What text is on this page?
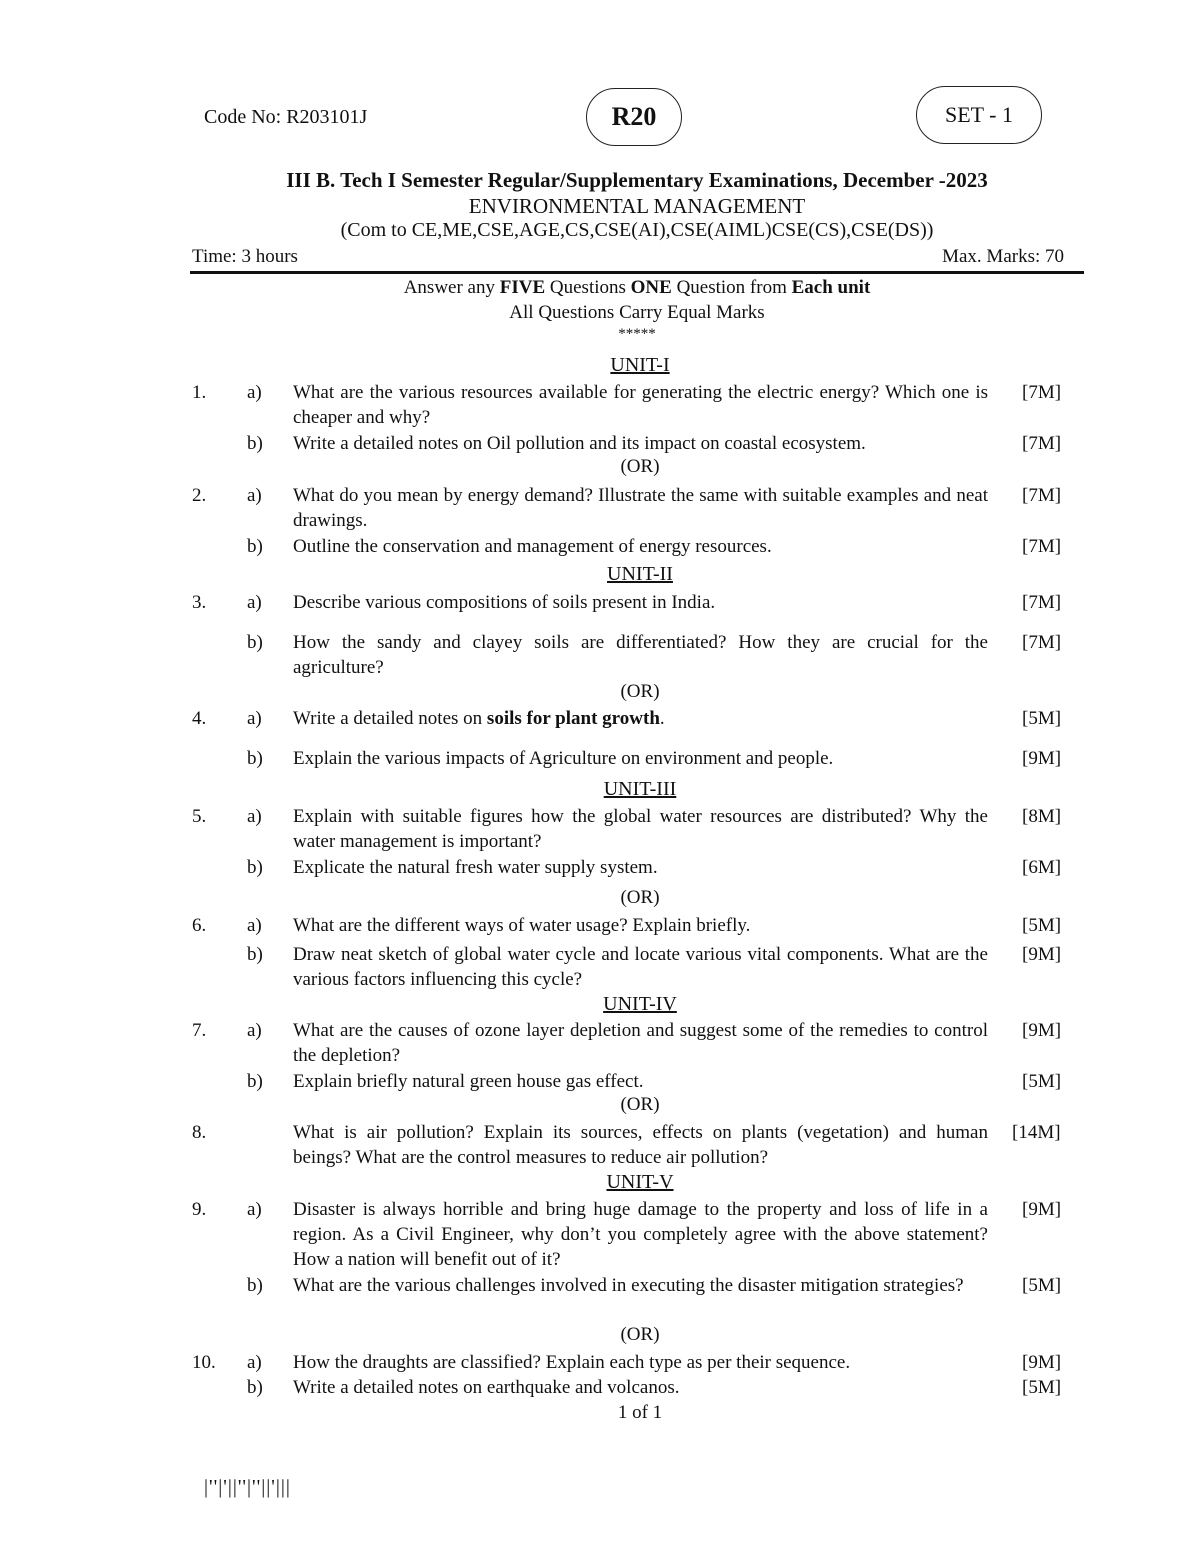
Code No: R203101J	R20	SET - 1
III B. Tech I Semester Regular/Supplementary Examinations, December -2023
ENVIRONMENTAL MANAGEMENT
(Com to CE,ME,CSE,AGE,CS,CSE(AI),CSE(AIML)CSE(CS),CSE(DS))
Time: 3 hours	Max. Marks: 70
Answer any FIVE Questions ONE Question from Each unit
All Questions Carry Equal Marks
*****
UNIT-I
1. a) What are the various resources available for generating the electric energy? Which one is cheaper and why?
[7M]
b) Write a detailed notes on Oil pollution and its impact on coastal ecosystem.	[7M]
(OR)
2. a) What do you mean by energy demand? Illustrate the same with suitable examples and neat drawings.
[7M]
b) Outline the conservation and management of energy resources.	[7M]
UNIT-II
3. a) Describe various compositions of soils present in India.	[7M]
b) How the sandy and clayey soils are differentiated? How they are crucial for the agriculture?
[7M]
(OR)
4. a) Write a detailed notes on soils for plant growth.	[5M]
b) Explain the various impacts of Agriculture on environment and people.	[9M]
UNIT-III
5. a) Explain with suitable figures how the global water resources are distributed? Why the water management is important?
[8M]
b) Explicate the natural fresh water supply system.	[6M]
(OR)
6. a) What are the different ways of water usage? Explain briefly.	[5M]
b) Draw neat sketch of global water cycle and locate various vital components. What are the various factors influencing this cycle?
[9M]
UNIT-IV
7. a) What are the causes of ozone layer depletion and suggest some of the remedies to control the depletion?
[9M]
b) Explain briefly natural green house gas effect.	[5M]
(OR)
8.	What is air pollution? Explain its sources, effects on plants (vegetation) and human beings? What are the control measures to reduce air pollution?
[14M]
UNIT-V
9. a) Disaster is always horrible and bring huge damage to the property and loss of life in a region. As a Civil Engineer, why don’t you completely agree with the above statement? How a nation will benefit out of it?
[9M]
b) What are the various challenges involved in executing the disaster mitigation strategies?	[5M]
(OR)
10. a) How the draughts are classified? Explain each type as per their sequence.	[9M]
b) Write a detailed notes on earthquake and volcanos.	[5M]
1 of 1
|''|'||''|''||'|||
